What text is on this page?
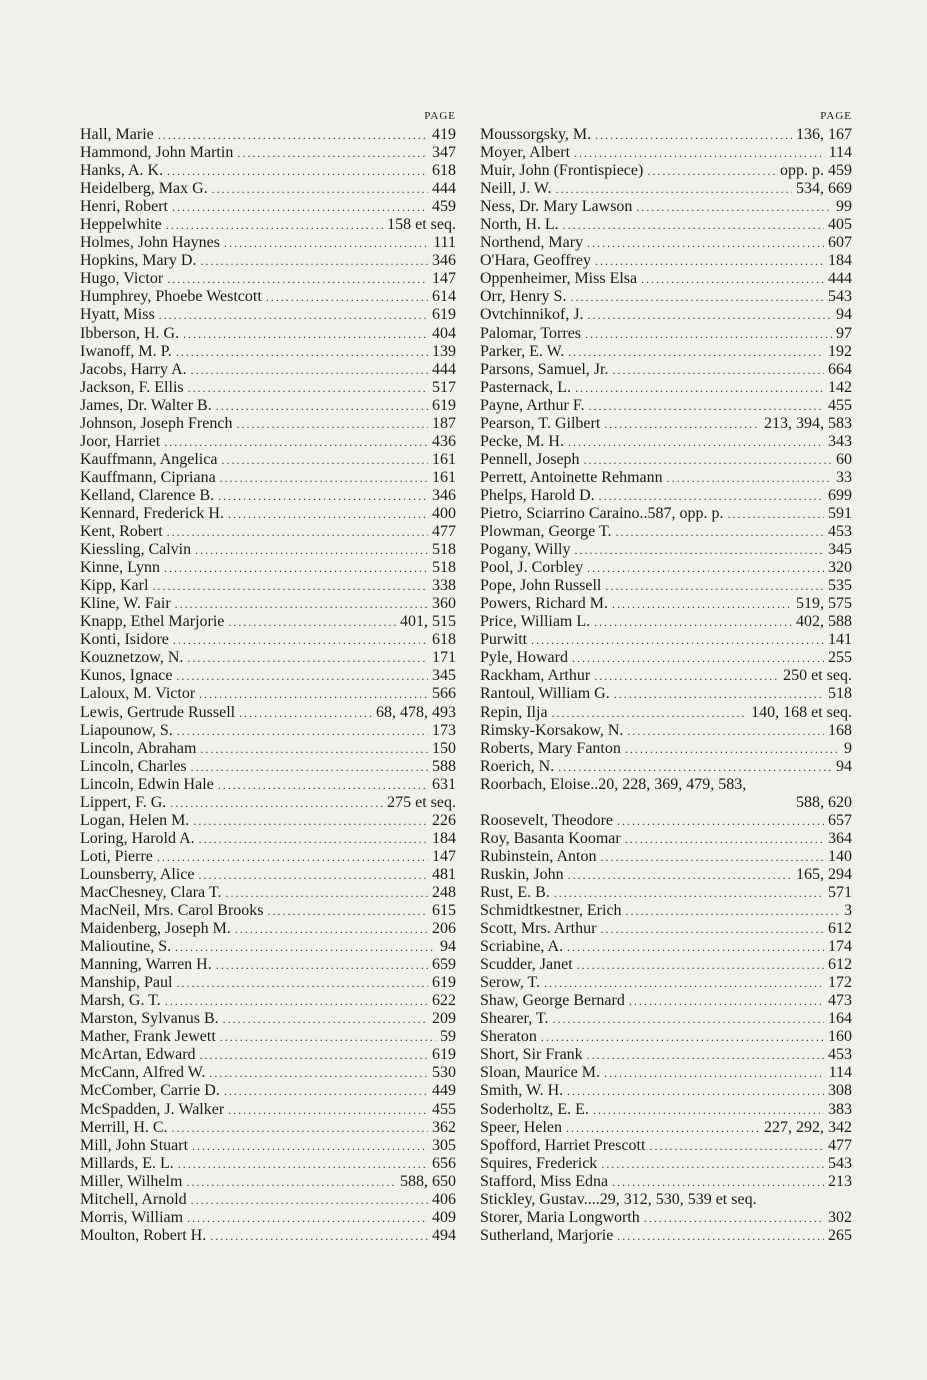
PAGE
Hall, Marie .....	419
Hammond, John Martin .....	347
Hanks, A. K. .....	618
Heidelberg, Max G. .....	444
Henri, Robert .....	459
Heppelwhite .....	158 et seq.
Holmes, John Haynes .....	111
Hopkins, Mary D. .....	346
Hugo, Victor .....	147
Humphrey, Phoebe Westcott .....	614
Hyatt, Miss .....	619
Ibberson, H. G. .....	404
Iwanoff, M. P. .....	139
Jacobs, Harry A. .....	444
Jackson, F. Ellis .....	517
James, Dr. Walter B. .....	619
Johnson, Joseph French .....	187
Joor, Harriet .....	436
Kauffmann, Angelica .....	161
Kauffmann, Cipriana .....	161
Kelland, Clarence B. .....	346
Kennard, Frederick H. .....	400
Kent, Robert .....	477
Kiessling, Calvin .....	518
Kinne, Lynn .....	518
Kipp, Karl .....	338
Kline, W. Fair .....	360
Knapp, Ethel Marjorie .....	401, 515
Konti, Isidore .....	618
Kouznetzow, N. .....	171
Kunos, Ignace .....	345
Laloux, M. Victor .....	566
Lewis, Gertrude Russell .....	68, 478, 493
Liapounow, S. .....	173
Lincoln, Abraham .....	150
Lincoln, Charles .....	588
Lincoln, Edwin Hale .....	631
Lippert, F. G. .....	275 et seq.
Logan, Helen M. .....	226
Loring, Harold A. .....	184
Loti, Pierre .....	147
Lounsberry, Alice .....	481
MacChesney, Clara T. .....	248
MacNeil, Mrs. Carol Brooks .....	615
Maidenberg, Joseph M. .....	206
Malioutine, S. .....	94
Manning, Warren H. .....	659
Manship, Paul .....	619
Marsh, G. T. .....	622
Marston, Sylvanus B. .....	209
Mather, Frank Jewett .....	59
McArtan, Edward .....	619
McCann, Alfred W. .....	530
McComber, Carrie D. .....	449
McSpadden, J. Walker .....	455
Merrill, H. C. .....	362
Mill, John Stuart .....	305
Millards, E. L. .....	656
Miller, Wilhelm .....	588, 650
Mitchell, Arnold .....	406
Morris, William .....	409
Moulton, Robert H. .....	494
PAGE
Moussorgsky, M. .....	136, 167
Moyer, Albert .....	114
Muir, John (Frontispiece) .....	opp. p. 459
Neill, J. W. .....	534, 669
Ness, Dr. Mary Lawson .....	99
North, H. L. .....	405
Northend, Mary .....	607
O'Hara, Geoffrey .....	184
Oppenheimer, Miss Elsa .....	444
Orr, Henry S. .....	543
Ovtchinnikof, J. .....	94
Palomar, Torres .....	97
Parker, E. W. .....	192
Parsons, Samuel, Jr. .....	664
Pasternack, L. .....	142
Payne, Arthur F. .....	455
Pearson, T. Gilbert .....	213, 394, 583
Pecke, M. H. .....	343
Pennell, Joseph .....	60
Perrett, Antoinette Rehmann .....	33
Phelps, Harold D. .....	699
Pietro, Sciarrino Caraino..587, opp. p. .....	591
Plowman, George T. .....	453
Pogany, Willy .....	345
Pool, J. Corbley .....	320
Pope, John Russell .....	535
Powers, Richard M. .....	519, 575
Price, William L. .....	402, 588
Purwitt .....	141
Pyle, Howard .....	255
Rackham, Arthur .....	250 et seq.
Rantoul, William G. .....	518
Repin, Ilja .....	140, 168 et seq.
Rimsky-Korsakow, N. .....	168
Roberts, Mary Fanton .....	9
Roerich, N. .....	94
Roorbach, Eloise..20, 228, 369, 479, 583,
588, 620
Roosevelt, Theodore .....	657
Roy, Basanta Koomar .....	364
Rubinstein, Anton .....	140
Ruskin, John .....	165, 294
Rust, E. B. .....	571
Schmidtkestner, Erich .....	3
Scott, Mrs. Arthur .....	612
Scriabine, A. .....	174
Scudder, Janet .....	612
Serow, T. .....	172
Shaw, George Bernard .....	473
Shearer, T. .....	164
Sheraton .....	160
Short, Sir Frank .....	453
Sloan, Maurice M. .....	114
Smith, W. H. .....	308
Soderholtz, E. E. .....	383
Speer, Helen .....	227, 292, 342
Spofford, Harriet Prescott .....	477
Squires, Frederick .....	543
Stafford, Miss Edna .....	213
Stickley, Gustav....29, 312, 530, 539 et seq.
Storer, Maria Longworth .....	302
Sutherland, Marjorie .....	265
